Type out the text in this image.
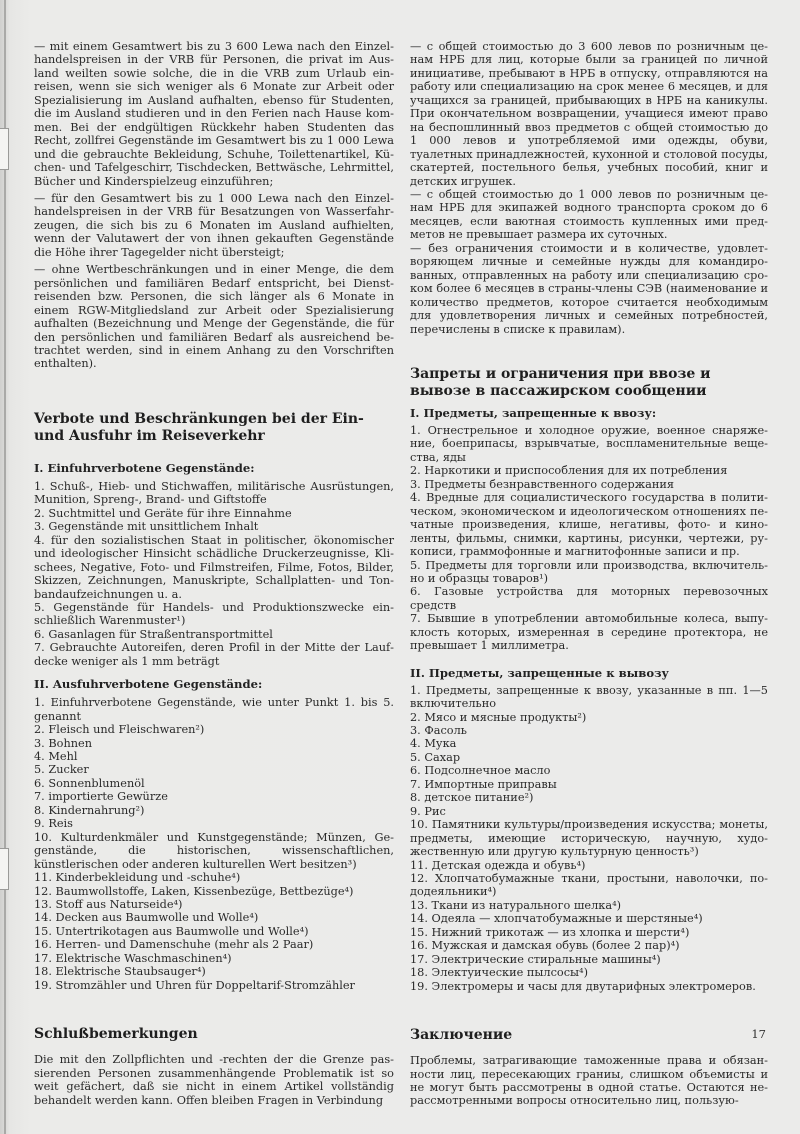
— mit einem Gesamtwert bis zu 3 600 Lewa nach den Einzelhandelspreisen in der VRB für Personen, die privat im Ausland weilten sowie solche, die in die VRB zum Urlaub einreisen, wenn sie sich weniger als 6 Monate zur Arbeit oder Spezialisierung im Ausland aufhalten, ebenso für Studenten, die im Ausland studieren und in den Ferien nach Hause kommen. Bei der endgültigen Rückkehr haben Studenten das Recht, zollfrei Gegenstände im Gesamtwert bis zu 1 000 Lewa und die gebrauchte Bekleidung, Schuhe, Toilettenartikel, Küchen- und Tafelgeschirr, Tischdecken, Bettwäsche, Lehrmittel, Bücher und Kinderspielzeug einzuführen;

— für den Gesamtwert bis zu 1 000 Lewa nach den Einzelhandelspreisen in der VRB für Besatzungen von Wasserfahrzeugen, die sich bis zu 6 Monaten im Ausland aufhielten, wenn der Valutawert der von ihnen gekauften Gegenstände die Höhe ihrer Tagegelder nicht übersteigt;

— ohne Wertbeschränkungen und in einer Menge, die dem persönlichen und familiären Bedarf entspricht, bei Dienstreisenden bzw. Personen, die sich länger als 6 Monate in einem RGW-Mitgliedsland zur Arbeit oder Spezialisierung aufhalten (Bezeichnung und Menge der Gegenstände, die für den persönlichen und familiären Bedarf als ausreichend betrachtet werden, sind in einem Anhang zu den Vorschriften enthalten).

Verbote und Beschränkungen bei der Ein- und Ausfuhr im Reiseverkehr
I. Einfuhrverbotene Gegenstände:
1. Schuß-, Hieb- und Stichwaffen, militärische Ausrüstungen, Munition, Spreng-, Brand- und Giftstoffe
2. Suchtmittel und Geräte für ihre Einnahme
3. Gegenstände mit unsittlichem Inhalt
4. für den sozialistischen Staat in politischer, ökonomischer und ideologischer Hinsicht schädliche Druckerzeugnisse, Klischees, Negative, Foto- und Filmstreifen, Filme, Fotos, Bilder, Skizzen, Zeichnungen, Manuskripte, Schallplatten- und Tonbandaufzeichnungen u. a.
5. Gegenstände für Handels- und Produktionszwecke einschließlich Warenmuster¹)
6. Gasanlagen für Straßentransportmittel
7. Gebrauchte Autoreifen, deren Profil in der Mitte der Laufdecke weniger als 1 mm beträgt
II. Ausfuhrverbotene Gegenstände:
1. Einfuhrverbotene Gegenstände, wie unter Punkt 1. bis 5. genannt
2. Fleisch und Fleischwaren²)
3. Bohnen
4. Mehl
5. Zucker
6. Sonnenblumenöl
7. importierte Gewürze
8. Kindernahrung²)
9. Reis
10. Kulturdenkmäler und Kunstgegenstände; Münzen, Gegenstände, die historischen, wissenschaftlichen, künstlerischen oder anderen kulturellen Wert besitzen³)
11. Kinderbekleidung und -schuhe⁴)
12. Baumwollstoffe, Laken, Kissenbezüge, Bettbezüge⁴)
13. Stoff aus Naturseide⁴)
14. Decken aus Baumwolle und Wolle⁴)
15. Untertrikotagen aus Baumwolle und Wolle⁴)
16. Herren- und Damenschuhe (mehr als 2 Paar)
17. Elektrische Waschmaschinen⁴)
18. Elektrische Staubsauger⁴)
19. Stromzähler und Uhren für Doppeltarif-Stromzähler
Schlußbemerkungen

Die mit den Zollpflichten und -rechten der die Grenze passierenden Personen zusammenhängende Problematik ist so weit gefächert, daß sie nicht in einem Artikel vollständig behandelt werden kann. Offen bleiben Fragen in Verbindung

— с общей стоимостью до 3 600 левов по розничным ценам НРБ для лиц, которые были за границей по личной инициативе, пребывают в НРБ в отпуску, отправляются на работу или специализацию на срок менее 6 месяцев, и для учащихся за границей, прибывающих в НРБ на каникулы. При окончательном возвращении, учащиеся имеют право на беспошлинный ввоз предметов с общей стоимостью до 1 000 левов и употребляемой ими одежды, обуви, туалетных принадлежностей, кухонной и столовой посуды, скатертей, постельного белья, учебных пособий, книг и детских игрушек.

— с общей стоимостью до 1 000 левов по розничным ценам НРБ для экипажей водного транспорта сроком до 6 месяцев, если ваютная стоимость купленных ими предметов не превышает размера их суточных.

— без ограничения стоимости и в количестве, удовлетворяющем личные и семейные нужды для командированных, отправленных на работу или специализацию сроком более 6 месяцев в страны-члены СЭВ (наименование и количество предметов, которое считается необходимым для удовлетворения личных и семейных потребностей, перечислены в списке к правилам).

Запреты и ограничения при ввозе и вывозе в пассажирском сообщении
I. Предметы, запрещенные к ввозу:
1. Огнестрельное и холодное оружие, военное снаряжение, боеприпасы, взрывчатые, воспламенительные вещества, яды
2. Наркотики и приспособления для их потребления
3. Предметы безнравственного содержания
4. Вредные для социалистического государства в политическом, экономическом и идеологическом отношениях печатные произведения, клише, негативы, фото- и киноленты, фильмы, снимки, картины, рисунки, чертежи, рукописи, граммофонные и магнитофонные записи и пр.
5. Предметы для торговли или производства, включительно и образцы товаров¹)
6. Газовые устройства для моторных перевозочных средств
7. Бывшие в употреблении автомобильные колеса, выпуклость которых, измеренная в середине протектора, не превышает 1 миллиметра.
II. Предметы, запрещенные к вывозу
1. Предметы, запрещенные к ввозу, указанные в пп. 1—5 включительно
2. Мясо и мясные продукты²)
3. Фасоль
4. Мука
5. Сахар
6. Подсолнечное масло
7. Импортные приправы
8. детское питание²)
9. Рис
10. Памятники культуры/произведения искусства; монеты, предметы, имеющие историческую, научную, художественную или другую культурную ценность³)
11. Детская одежда и обувь⁴)
12. Хлопчатобумажные ткани, простыни, наволочки, пододеяльники⁴)
13. Ткани из натурального шелка⁴)
14. Одеяла — хлопчатобумажные и шерстяные⁴)
15. Нижний трикотаж — из хлопка и шерсти⁴)
16. Мужская и дамская обувь (более 2 пар)⁴)
17. Электрические стиральные машины⁴)
18. Электуические пылсосы⁴)
19. Электромеры и часы для двутарифных электромеров.
Заключение

Проблемы, затрагивающие таможенные права и обязанности лиц, пересекающих граниы, слишком объемисты и не могут быть рассмотрены в одной статье. Остаются нерассмотренными вопросы относительно лиц, пользую-

17
